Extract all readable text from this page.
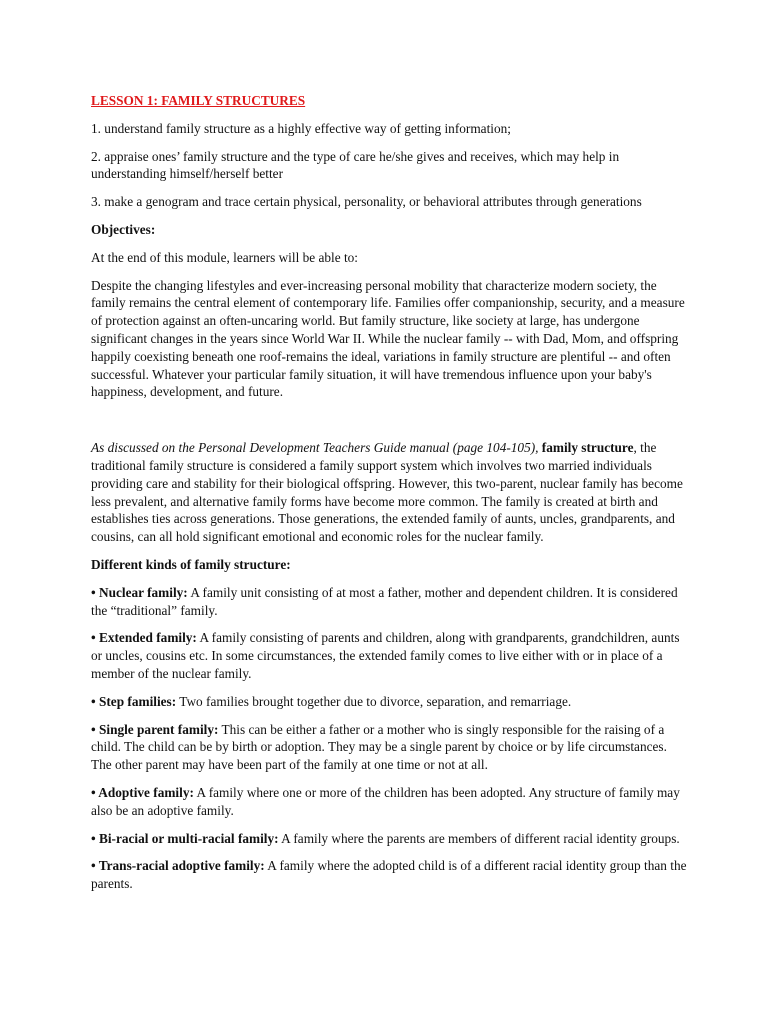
LESSON 1: FAMILY STRUCTURES

1. understand family structure as a highly effective way of getting information;

2. appraise ones’ family structure and the type of care he/she gives and receives, which may help in understanding himself/herself better

3. make a genogram and trace certain physical, personality, or behavioral attributes through generations

Objectives:

At the end of this module, learners will be able to:

Despite the changing lifestyles and ever-increasing personal mobility that characterize modern society, the family remains the central element of contemporary life. Families offer companionship, security, and a measure of protection against an often-uncaring world. But family structure, like society at large, has undergone significant changes in the years since World War II. While the nuclear family -- with Dad, Mom, and offspring happily coexisting beneath one roof-remains the ideal, variations in family structure are plentiful -- and often successful. Whatever your particular family situation, it will have tremendous influence upon your baby's happiness, development, and future.

As discussed on the Personal Development Teachers Guide manual (page 104-105), family structure, the traditional family structure is considered a family support system which involves two married individuals providing care and stability for their biological offspring. However, this two-parent, nuclear family has become less prevalent, and alternative family forms have become more common. The family is created at birth and establishes ties across generations. Those generations, the extended family of aunts, uncles, grandparents, and cousins, can all hold significant emotional and economic roles for the nuclear family.

Different kinds of family structure:

• Nuclear family: A family unit consisting of at most a father, mother and dependent children. It is considered the “traditional” family.

• Extended family: A family consisting of parents and children, along with grandparents, grandchildren, aunts or uncles, cousins etc. In some circumstances, the extended family comes to live either with or in place of a member of the nuclear family.

• Step families: Two families brought together due to divorce, separation, and remarriage.

• Single parent family: This can be either a father or a mother who is singly responsible for the raising of a child. The child can be by birth or adoption. They may be a single parent by choice or by life circumstances. The other parent may have been part of the family at one time or not at all.

• Adoptive family: A family where one or more of the children has been adopted. Any structure of family may also be an adoptive family.

• Bi-racial or multi-racial family: A family where the parents are members of different racial identity groups.

• Trans-racial adoptive family: A family where the adopted child is of a different racial identity group than the parents.
